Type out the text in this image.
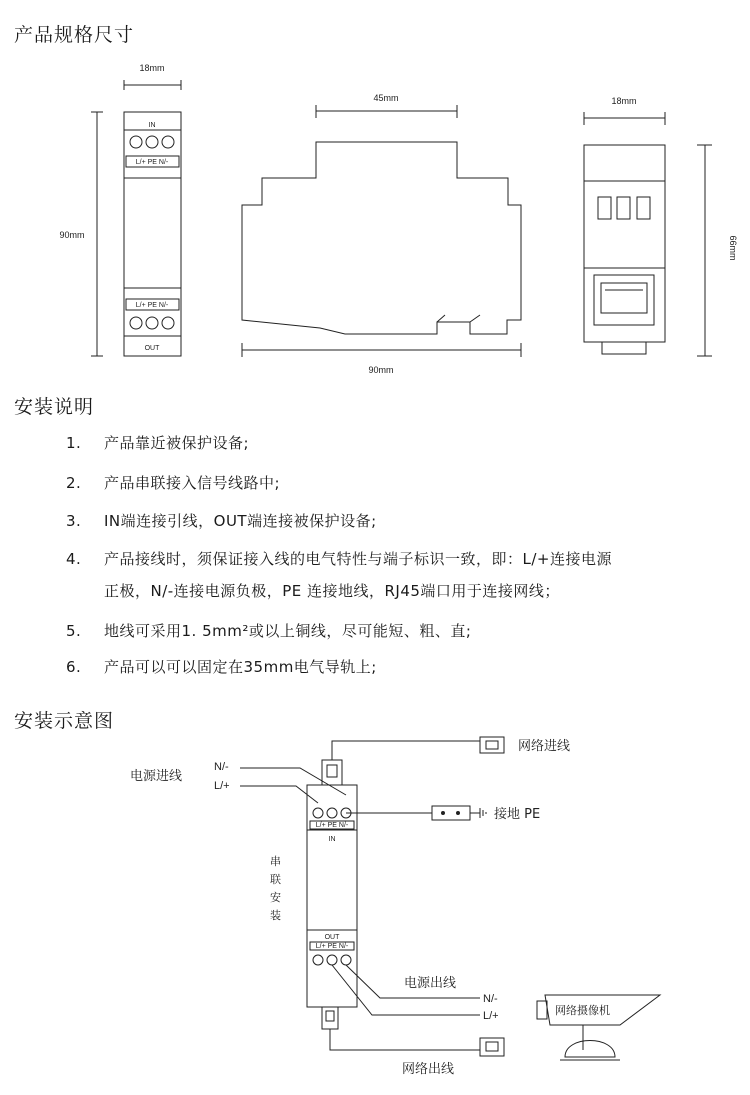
产品规格尺寸
安装说明
安装示意图
18mm
90mm
IN
L/+ PE N/-
L/+ PE N/-
OUT
45mm
90mm
18mm
66mm
1. 产品靠近被保护设备;
2. 产品串联接入信号线路中;
3. IN端连接引线，OUT端连接被保护设备;
4. 产品接线时，须保证接入线的电气特性与端子标识一致，即：L/+连接电源
正极，N/-连接电源负极，PE 连接地线，RJ45端口用于连接网线；
5. 地线可采用1. 5mm²或以上铜线，尽可能短、粗、直;
6. 产品可以可以固定在35mm电气导轨上;
L/+ PE N/-
IN
OUT
L/+ PE N/-
电源进线
N/-
L/+
网络进线
接地 PE
串
联
安
装
电源出线
N/-
L/+	网络摄像机
网络出线
